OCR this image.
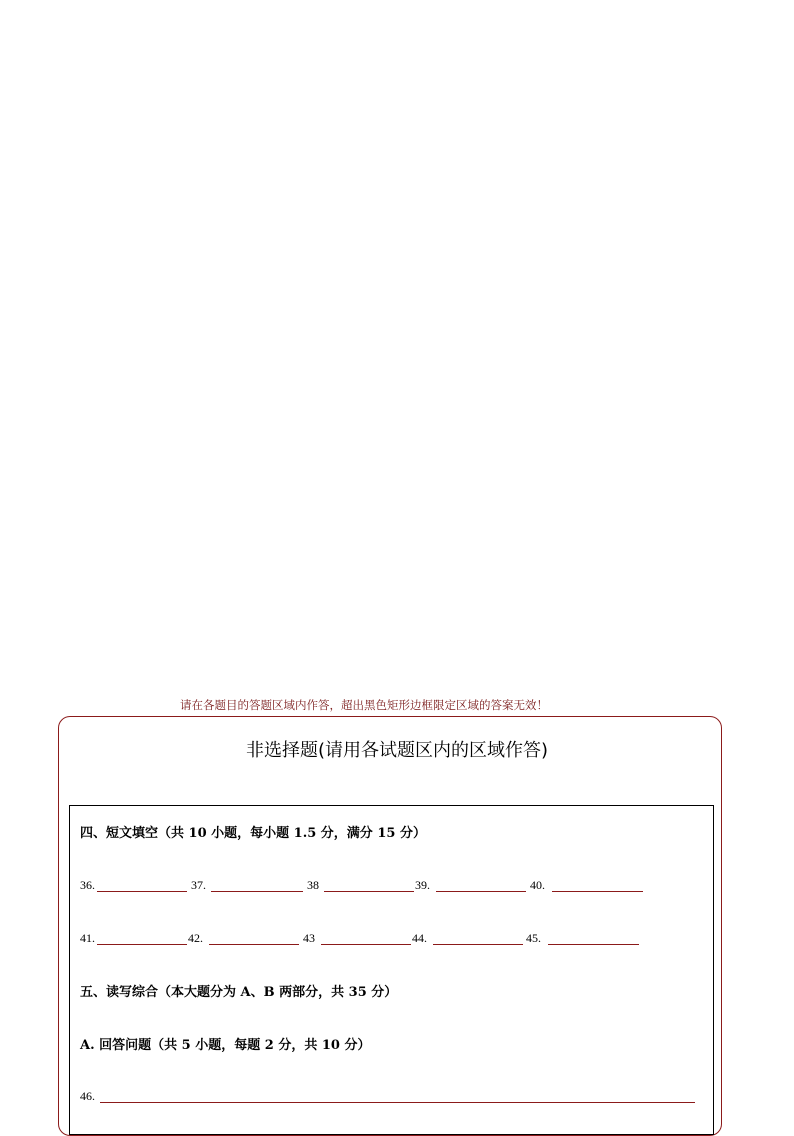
请在各题目的答题区域内作答，超出黑色矩形边框限定区域的答案无效！
非选择题(请用各试题区内的区域作答)
四、短文填空（共 10 小题，每小题 1.5 分，满分 15 分）
36.	37.	38	39.	40.
41.	42.	43	44.	45.
五、读写综合（本大题分为 A、B 两部分，共 35 分）
A. 回答问题（共 5 小题，每题 2 分，共 10 分）
46.
